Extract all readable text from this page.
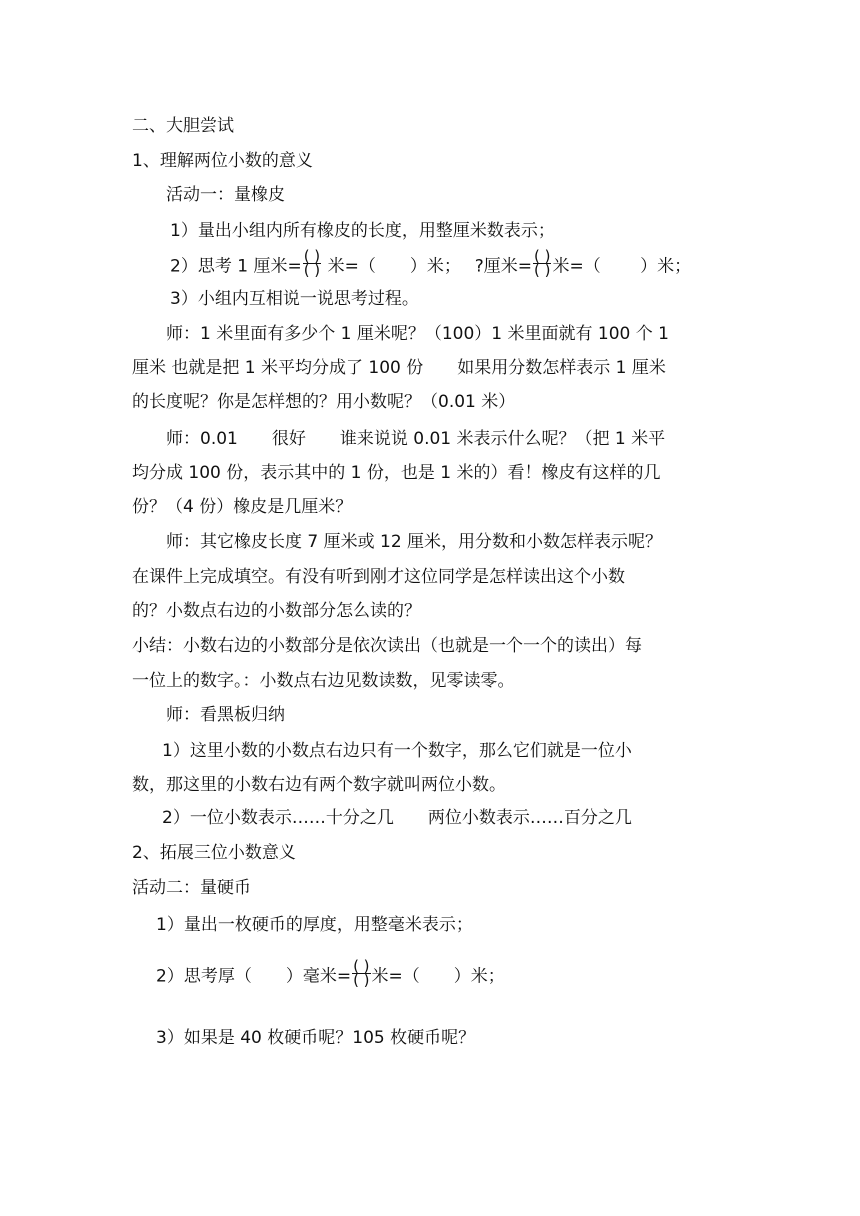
二、大胆尝试
1、理解两位小数的意义
活动一：量橡皮
1）量出小组内所有橡皮的长度，用整厘米数表示；
2）思考 1 厘米= $\frac{( )}{( )}$ 米=（　　）米；　 ?厘米= $\frac{( )}{( )}$ 米=（　　 ）米；
3）小组内互相说一说思考过程。
师：1 米里面有多少个 1 厘米呢？（100）1 米里面就有 100 个 1
厘米 也就是把 1 米平均分成了 100 份　　如果用分数怎样表示 1 厘米
的长度呢？你是怎样想的？用小数呢？（0.01 米）
师：0.01　　很好　　谁来说说 0.01 米表示什么呢？（把 1 米平
均分成 100 份，表示其中的 1 份，也是 1 米的）看！橡皮有这样的几
份？（4 份）橡皮是几厘米？
师：其它橡皮长度 7 厘米或 12 厘米，用分数和小数怎样表示呢？
在课件上完成填空。有没有听到刚才这位同学是怎样读出这个小数
的？小数点右边的小数部分怎么读的？
小结：小数右边的小数部分是依次读出（也就是一个一个的读出）每
一位上的数字。：小数点右边见数读数，见零读零。
师：看黑板归纳
1）这里小数的小数点右边只有一个数字，那么它们就是一位小
数，那这里的小数右边有两个数字就叫两位小数。
2）一位小数表示……十分之几　　两位小数表示……百分之几
2、拓展三位小数意义
活动二：量硬币
1）量出一枚硬币的厚度，用整毫米表示；
2）思考厚（　　）毫米= $\frac{( )}{( )}$ 米=（　　）米；
3）如果是 40 枚硬币呢？105 枚硬币呢？
